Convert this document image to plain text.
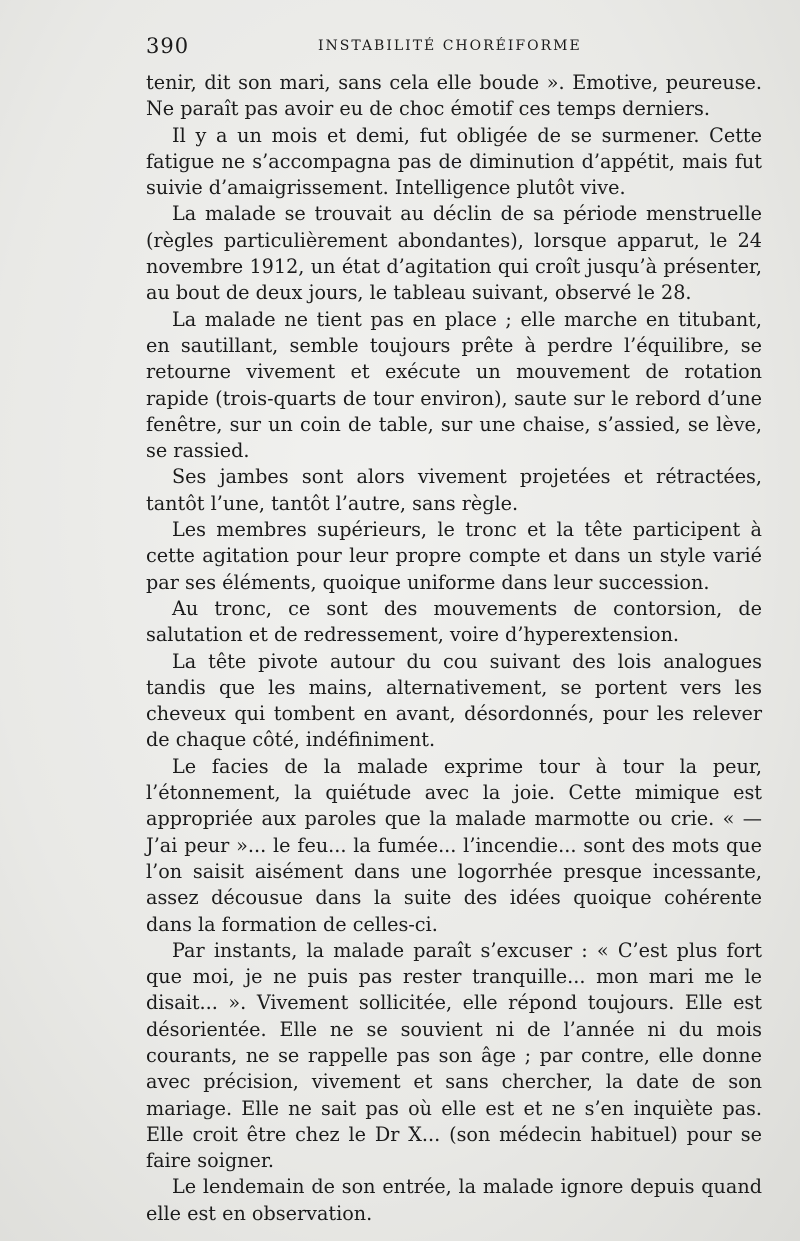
390	INSTABILITÉ CHORÉIFORME

tenir, dit son mari, sans cela elle boude ». Emotive, peureuse. Ne paraît pas avoir eu de choc émotif ces temps derniers.

Il y a un mois et demi, fut obligée de se surmener. Cette fatigue ne s’accompagna pas de diminution d’appétit, mais fut suivie d’amaigrissement. Intelligence plutôt vive.

La malade se trouvait au déclin de sa période menstruelle (règles particulièrement abondantes), lorsque apparut, le 24 novembre 1912, un état d’agitation qui croît jusqu’à présenter, au bout de deux jours, le tableau suivant, observé le 28.

La malade ne tient pas en place ; elle marche en titubant, en sautillant, semble toujours prête à perdre l’équilibre, se retourne vivement et exécute un mouvement de rotation rapide (trois-quarts de tour environ), saute sur le rebord d’une fenêtre, sur un coin de table, sur une chaise, s’assied, se lève, se rassied.

Ses jambes sont alors vivement projetées et rétractées, tantôt l’une, tantôt l’autre, sans règle.

Les membres supérieurs, le tronc et la tête participent à cette agitation pour leur propre compte et dans un style varié par ses éléments, quoique uniforme dans leur succession.

Au tronc, ce sont des mouvements de contorsion, de salutation et de redressement, voire d’hyperextension.

La tête pivote autour du cou suivant des lois analogues tandis que les mains, alternativement, se portent vers les cheveux qui tombent en avant, désordonnés, pour les relever de chaque côté, indéfiniment.

Le facies de la malade exprime tour à tour la peur, l’étonnement, la quiétude avec la joie. Cette mimique est appropriée aux paroles que la malade marmotte ou crie. « — J’ai peur »... le feu... la fumée... l’incendie... sont des mots que l’on saisit aisément dans une logorrhée presque incessante, assez décousue dans la suite des idées quoique cohérente dans la formation de celles-ci.

Par instants, la malade paraît s’excuser : « C’est plus fort que moi, je ne puis pas rester tranquille... mon mari me le disait... ». Vivement sollicitée, elle répond toujours. Elle est désorientée. Elle ne se souvient ni de l’année ni du mois courants, ne se rappelle pas son âge ; par contre, elle donne avec précision, vivement et sans chercher, la date de son mariage. Elle ne sait pas où elle est et ne s’en inquiète pas. Elle croit être chez le Dr X... (son médecin habituel) pour se faire soigner.

Le lendemain de son entrée, la malade ignore depuis quand elle est en observation.
